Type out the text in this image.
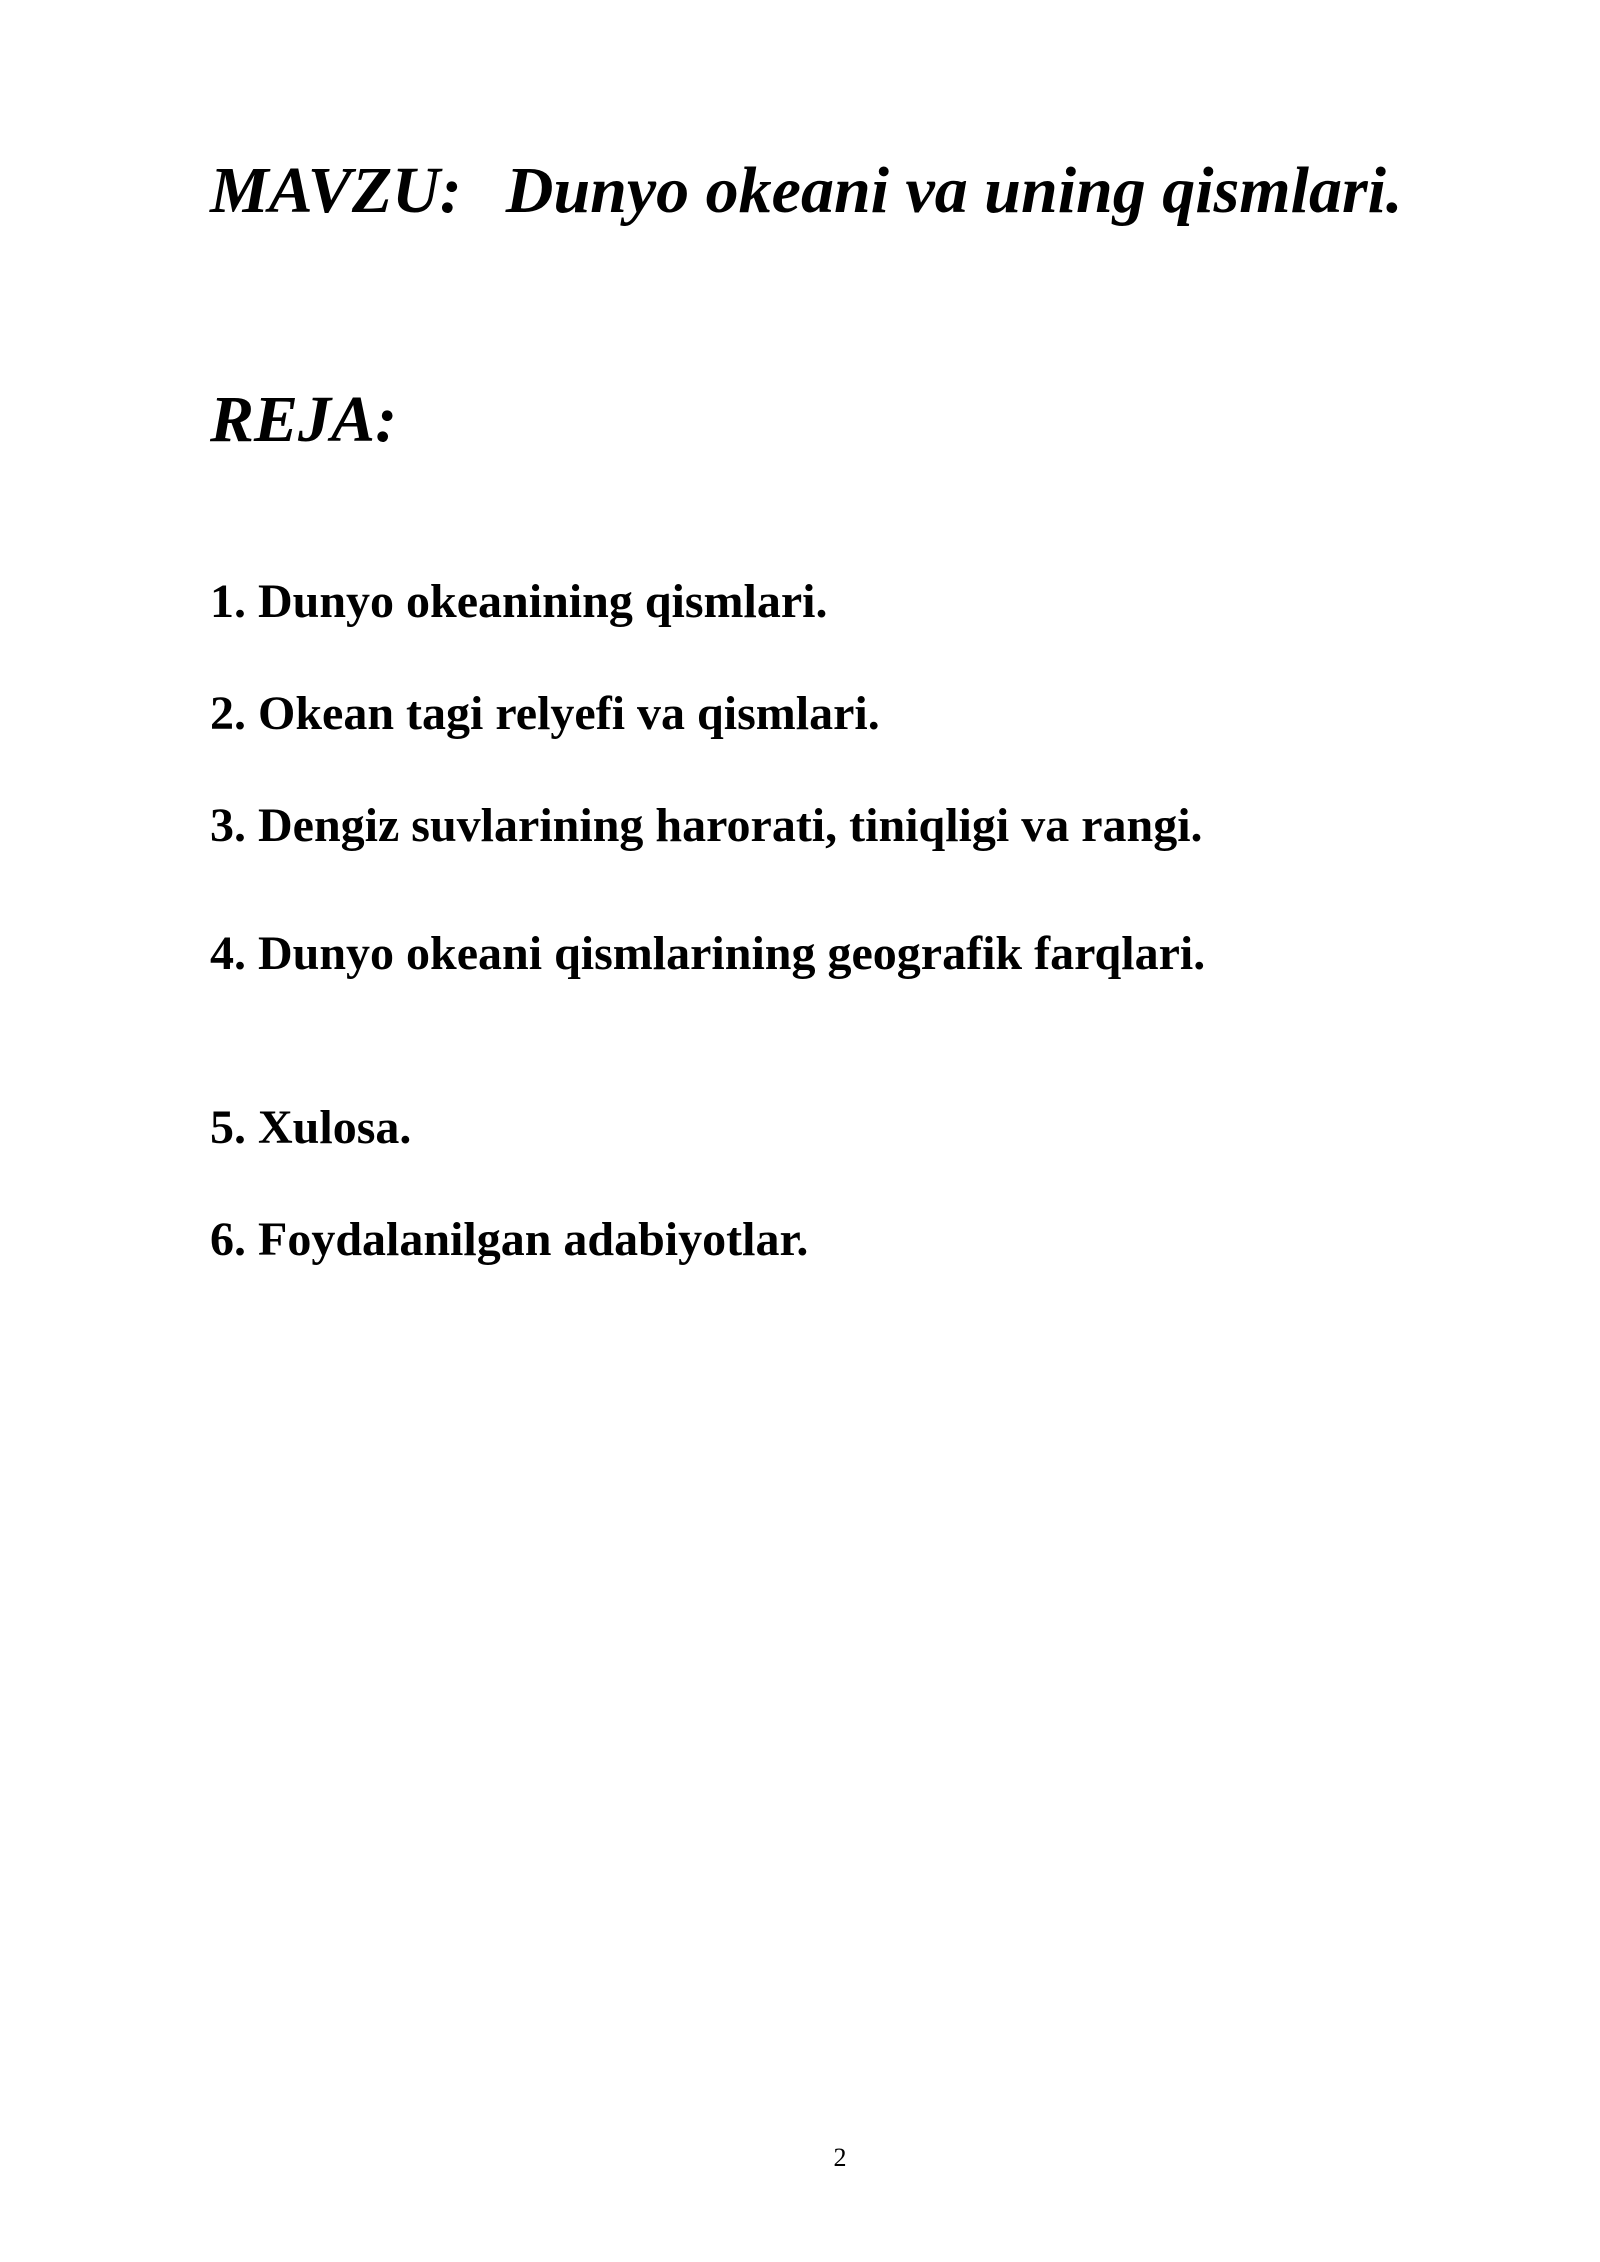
MAVZU: Dunyo okeani va uning qismlari.
REJA:

1. Dunyo okeanining qismlari.

2. Okean tagi relyefi va qismlari.

3. Dengiz suvlarining harorati, tiniqligi va rangi.

4. Dunyo okeani qismlarining geografik farqlari.

5. Xulosa.

6. Foydalanilgan adabiyotlar.

2
